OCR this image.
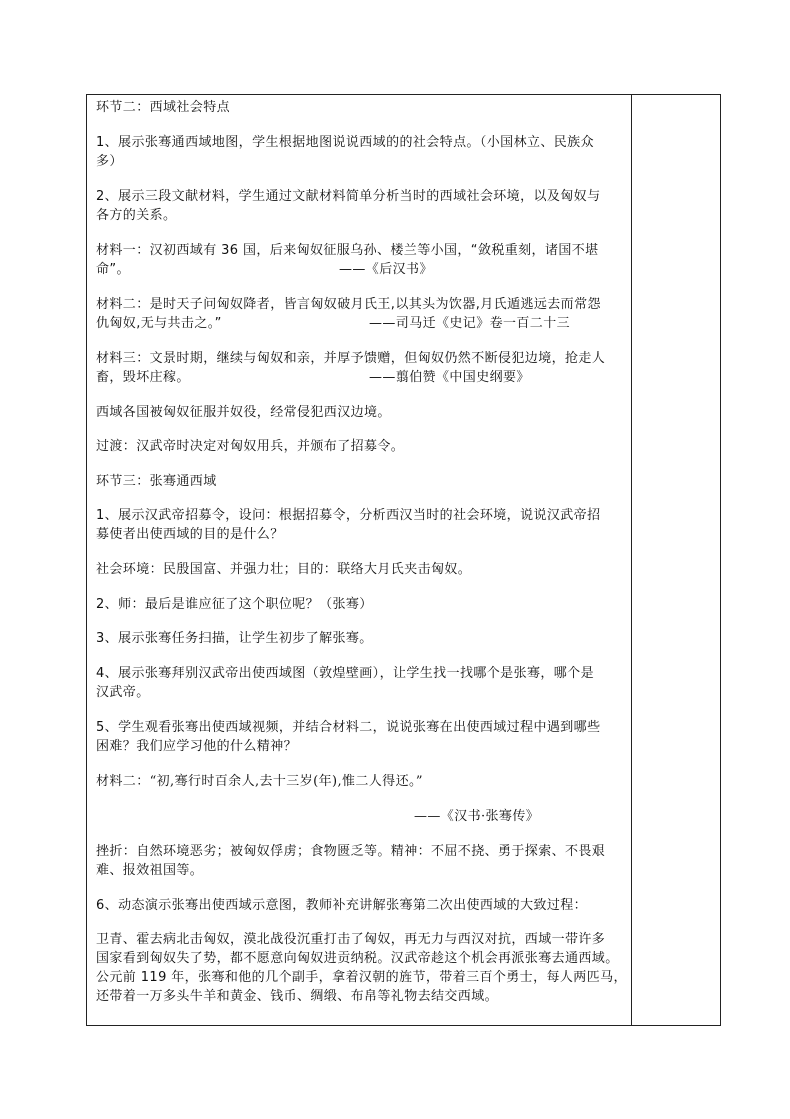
环节二：西域社会特点
1、展示张骞通西域地图，学生根据地图说说西域的的社会特点。（小国林立、民族众
多）
2、展示三段文献材料，学生通过文献材料简单分析当时的西域社会环境，以及匈奴与
各方的关系。
材料一：汉初西域有 36 国，后来匈奴征服乌孙、楼兰等小国，“敛税重刻，诸国不堪
命”。	——《后汉书》
材料二：是时天子问匈奴降者，皆言匈奴破月氏王,以其头为饮器,月氏遁逃远去而常怨
仇匈奴,无与共击之。”	——司马迁《史记》卷一百二十三
材料三：文景时期，继续与匈奴和亲，并厚予馈赠，但匈奴仍然不断侵犯边境，抢走人
畜，毁坏庄稼。	——翦伯赞《中国史纲要》
西域各国被匈奴征服并奴役，经常侵犯西汉边境。
过渡：汉武帝时决定对匈奴用兵，并颁布了招募令。
环节三：张骞通西域
1、展示汉武帝招募令，设问：根据招募令，分析西汉当时的社会环境，说说汉武帝招
募使者出使西域的目的是什么？
社会环境：民殷国富、并强力壮；目的：联络大月氏夹击匈奴。
2、师：最后是谁应征了这个职位呢？（张骞）
3、展示张骞任务扫描，让学生初步了解张骞。
4、展示张骞拜别汉武帝出使西域图（敦煌壁画），让学生找一找哪个是张骞，哪个是
汉武帝。
5、学生观看张骞出使西域视频，并结合材料二，说说张骞在出使西域过程中遇到哪些
困难？我们应学习他的什么精神？
材料二：“初,骞行时百余人,去十三岁(年),惟二人得还。”
——《汉书·张骞传》
挫折：自然环境恶劣；被匈奴俘虏；食物匮乏等。精神：不屈不挠、勇于探索、不畏艰
难、报效祖国等。
6、动态演示张骞出使西域示意图，教师补充讲解张骞第二次出使西域的大致过程：
卫青、霍去病北击匈奴，漠北战役沉重打击了匈奴，再无力与西汉对抗，西域一带许多
国家看到匈奴失了势，都不愿意向匈奴进贡纳税。汉武帝趁这个机会再派张骞去通西域。
公元前 119 年，张骞和他的几个副手，拿着汉朝的旌节，带着三百个勇士，每人两匹马，
还带着一万多头牛羊和黄金、钱币、绸缎、布帛等礼物去结交西域。
